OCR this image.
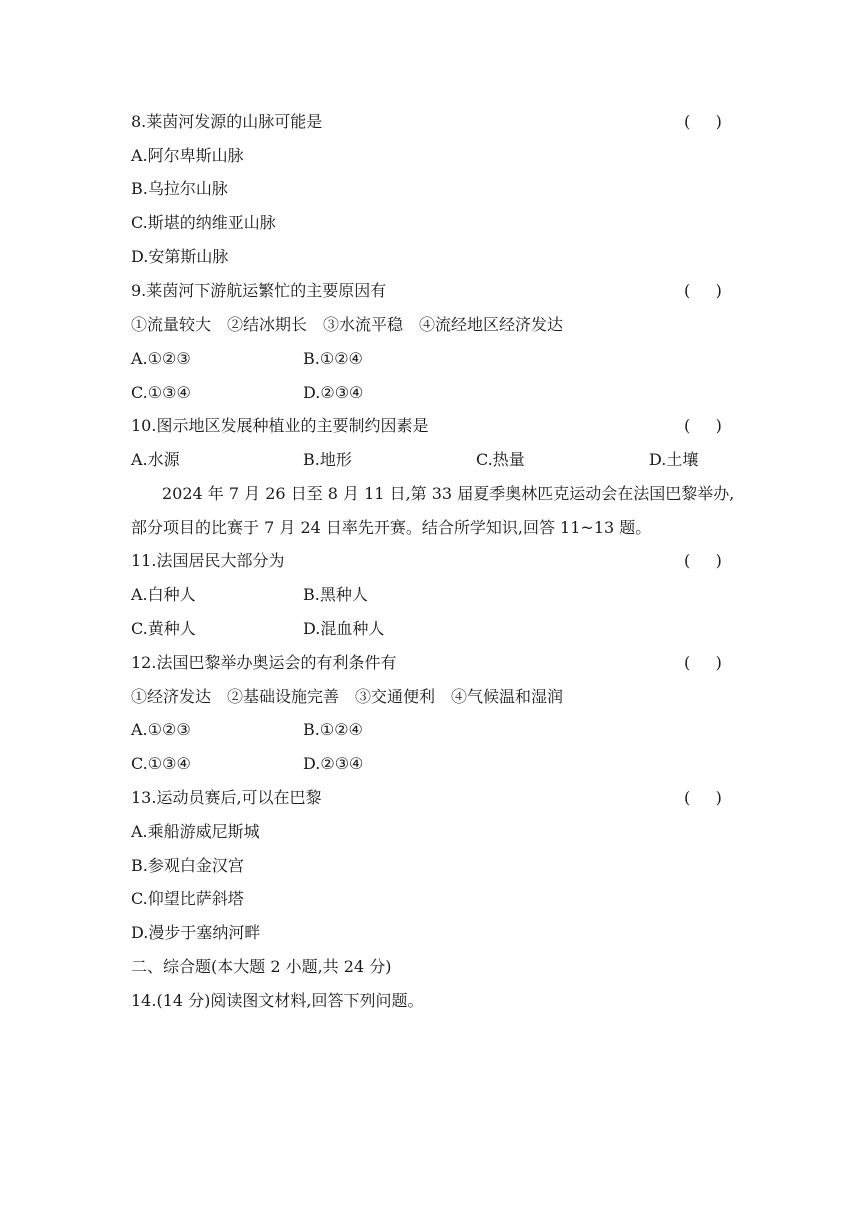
8.莱茵河发源的山脉可能是	(     )
A.阿尔卑斯山脉
B.乌拉尔山脉
C.斯堪的纳维亚山脉
D.安第斯山脉
9.莱茵河下游航运繁忙的主要原因有	(     )
①流量较大　②结冰期长　③水流平稳　④流经地区经济发达
A.①②③	B.①②④
C.①③④	D.②③④
10.图示地区发展种植业的主要制约因素是	(     )
A.水源	B.地形	C.热量	D.土壤
2024 年 7 月 26 日至 8 月 11 日,第 33 届夏季奥林匹克运动会在法国巴黎举办,
部分项目的比赛于 7 月 24 日率先开赛。结合所学知识,回答 11~13 题。
11.法国居民大部分为	(     )
A.白种人	B.黑种人
C.黄种人	D.混血种人
12.法国巴黎举办奥运会的有利条件有	(     )
①经济发达　②基础设施完善　③交通便利　④气候温和湿润
A.①②③	B.①②④
C.①③④	D.②③④
13.运动员赛后,可以在巴黎	(     )
A.乘船游威尼斯城
B.参观白金汉宫
C.仰望比萨斜塔
D.漫步于塞纳河畔
二、综合题(本大题 2 小题,共 24 分)
14.(14 分)阅读图文材料,回答下列问题。
